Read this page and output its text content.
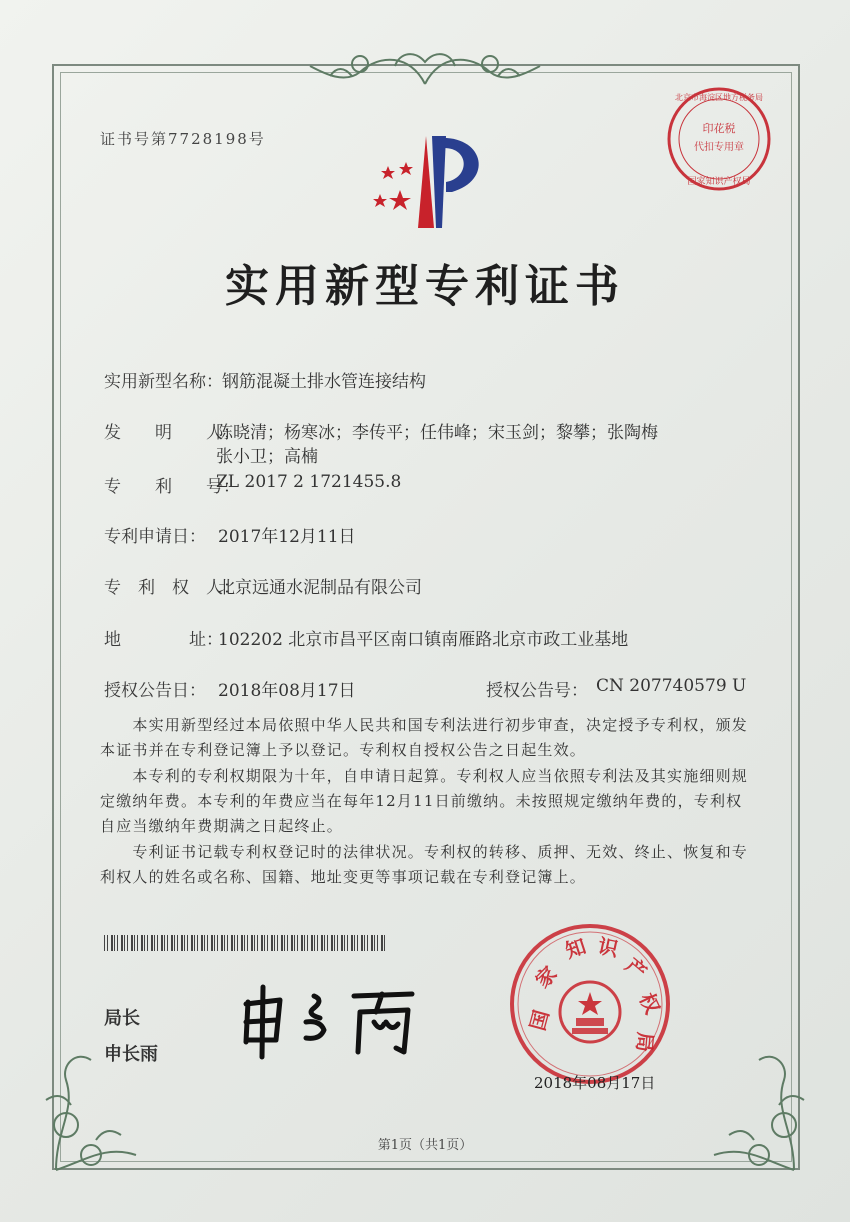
证书号第7728198号
印花税
代扣专用章
北京市海淀区地方税务局
国家知识产权局
实用新型专利证书
实用新型名称： 钢筋混凝土排水管连接结构
发　　明　　人：
陈晓清；杨寒冰；李传平；任伟峰；宋玉剑；黎攀；张陶梅
张小卫；高楠
专　　利　　号：
ZL 2017 2 1721455.8
专利申请日： 2017年12月11日
专　利　权　人：
北京远通水泥制品有限公司
地　　　　址：
102202 北京市昌平区南口镇南雁路北京市政工业基地
授权公告日： 2018年08月17日	授权公告号： CN 207740579 U
　　本实用新型经过本局依照中华人民共和国专利法进行初步审查，决定授予专利权，颁发
本证书并在专利登记簿上予以登记。专利权自授权公告之日起生效。
　　本专利的专利权期限为十年，自申请日起算。专利权人应当依照专利法及其实施细则规
定缴纳年费。本专利的年费应当在每年12月11日前缴纳。未按照规定缴纳年费的，专利权
自应当缴纳年费期满之日起终止。
　　专利证书记载专利权登记时的法律状况。专利权的转移、质押、无效、终止、恢复和专
利权人的姓名或名称、国籍、地址变更等事项记载在专利登记簿上。
局长
申长雨
国
家
知 识
产
权
局
2018年08月17日
第1页（共1页）
